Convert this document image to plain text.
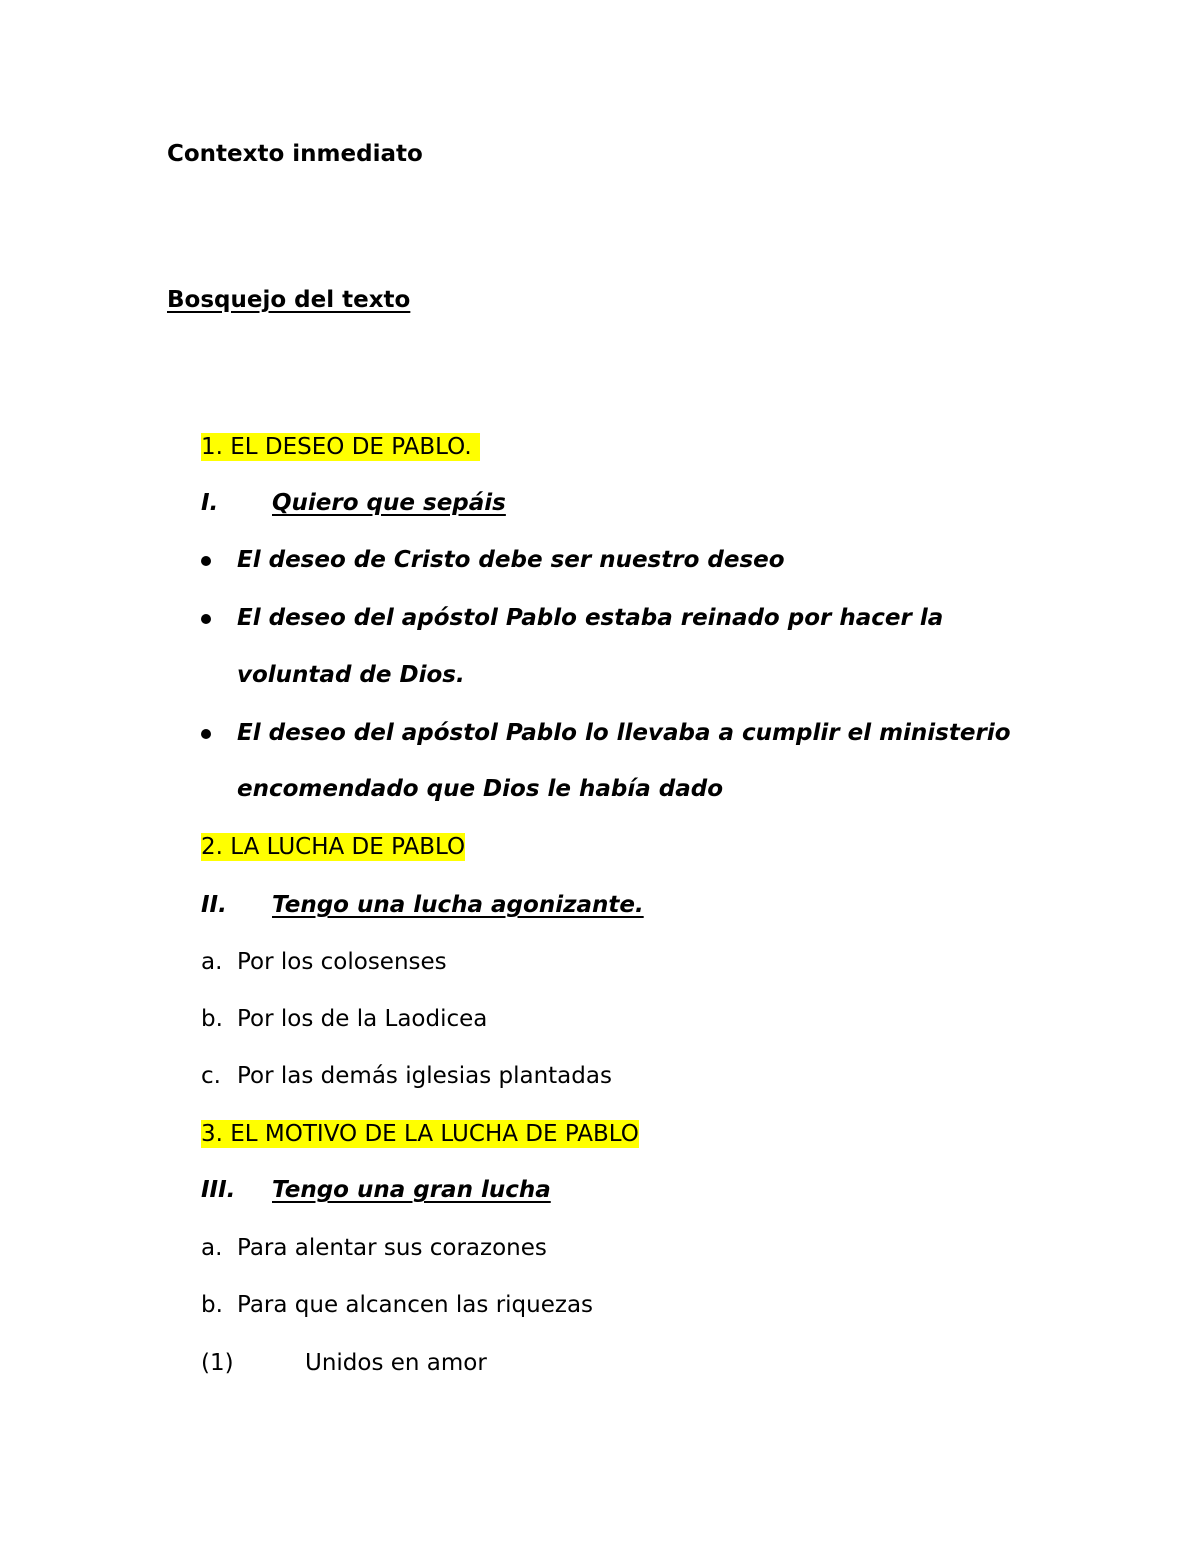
Contexto inmediato
Bosquejo del texto
1. EL DESEO DE PABLO.
I. Quiero que sepáis
El deseo de Cristo debe ser nuestro deseo
El deseo del apóstol Pablo estaba reinado por hacer la
voluntad de Dios.
El deseo del apóstol Pablo lo llevaba a cumplir el ministerio
encomendado que Dios le había dado
2. LA LUCHA DE PABLO
II. Tengo una lucha agonizante.
a. Por los colosenses
b. Por los de la Laodicea
c. Por las demás iglesias plantadas
3. EL MOTIVO DE LA LUCHA DE PABLO
III. Tengo una gran lucha
a. Para alentar sus corazones
b. Para que alcancen las riquezas
(1)	Unidos en amor
